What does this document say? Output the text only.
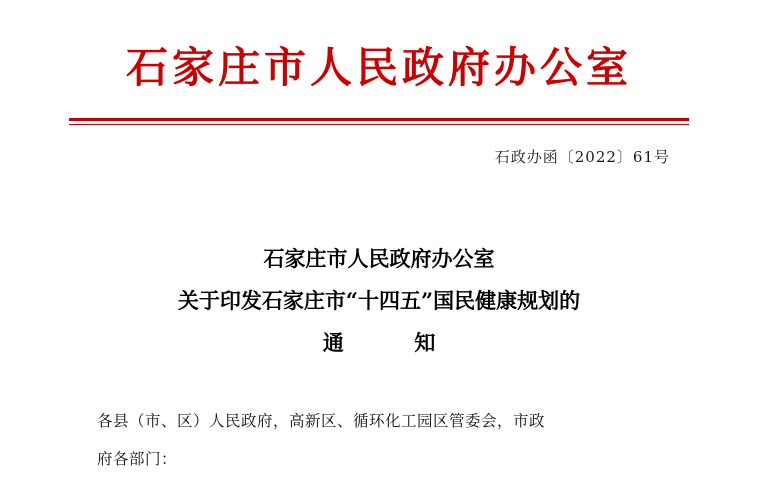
石家庄市人民政府办公室
石政办函〔2022〕61号
石家庄市人民政府办公室
关于印发石家庄市“十四五”国民健康规划的
通	知

各县（市、区）人民政府，高新区、循环化工园区管委会，市政

府各部门：
